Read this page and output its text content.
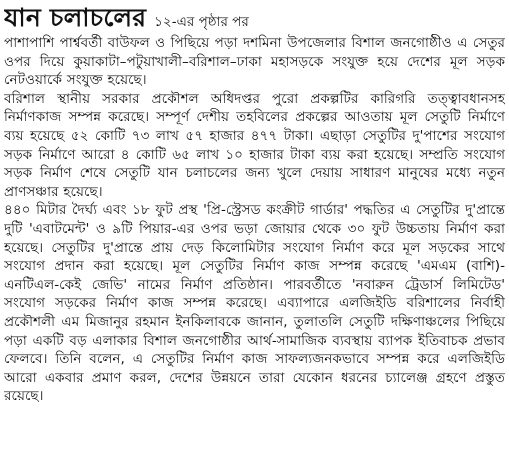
যান চলাচলের ১২-এর পৃষ্ঠার পর

পাশাপাশি পার্শ্ববর্তী বাউফল ও পিছিয়ে পড়া দশমিনা উপজেলার বিশাল জনগোষ্ঠীও এ সেতুর ওপর দিয়ে কুয়াকাটা–পটুয়াখালী–বরিশাল–ঢাকা মহাসড়কে সংযুক্ত হয়ে দেশের মূল সড়ক নেটওয়ার্কে সংযুক্ত হয়েছে।

বরিশাল স্থানীয় সরকার প্রকৌশল অধিদপ্তর পুরো প্রকল্পটির কারিগরি তত্ত্বাবধানসহ নির্মাণকাজ সম্পন্ন করেছে। সম্পূর্ণ দেশীয় তহবিলের প্রকল্পের আওতায় মূল সেতুটি নির্মাণে ব্যয় হয়েছে ৫২ কোটি ৭৩ লাখ ৫৭ হাজার ৪৭৭ টাকা। এছাড়া সেতুটির দু'পাশের সংযোগ সড়ক নির্মাণে আরো ৪ কোটি ৬৫ লাখ ১০ হাজার টাকা ব্যয় করা হয়েছে। সম্প্রতি সংযোগ সড়ক নির্মাণ শেষে সেতুটি যান চলাচলের জন্য খুলে দেয়ায় সাধারণ মানুষের মধ্যে নতুন প্রাণসঞ্চার হয়েছে।

৪৪০ মিটার দৈর্ঘ্য এবং ১৮ ফুট প্রস্থ 'প্রি-স্ট্রেসড কংক্রীট গার্ডার' পদ্ধতির এ সেতুটির দু'প্রান্তে দুটি 'এবাটমেন্ট' ও ৯টি পিয়ার-এর ওপর ভড়া জোয়ার থেকে ৩০ ফুট উচ্চতায় নির্মাণ করা হয়েছে। সেতুটির দু'প্রান্তে প্রায় দেড় কিলোমিটার সংযোগ নির্মাণ করে মূল সড়কের সাথে সংযোগ প্রদান করা হয়েছে। মূল সেতুটির নির্মাণ কাজ সম্পন্ন করেছে 'এমএম (বাশি)-এনটিএল-কেই জেভি' নামের নির্মাণ প্রতিষ্ঠান। পারবর্তীতে 'নবারুন ট্রেডার্স লিমিটেড' সংযোগ সড়কের নির্মাণ কাজ সম্পন্ন করেছে। এব্যাপারে এলজিইডি বরিশালের নির্বাহী প্রকৌশলী এম মিজানুর রহমান ইনকিলাবকে জানান, তুলাতলি সেতুটি দক্ষিণাঞ্চলের পিছিয়ে পড়া একটি বড় এলাকার বিশাল জনগোষ্ঠীর আর্থ-সামাজিক ব্যবস্থায় ব্যাপক ইতিবাচক প্রভাব ফেলবে। তিনি বলেন, এ সেতুটির নির্মাণ কাজ সাফল্যজনকভাবে সম্পন্ন করে এলজিইডি আরো একবার প্রমাণ করল, দেশের উন্নয়নে তারা যেকোন ধরনের চ্যালেঞ্জ গ্রহণে প্রস্তুত রয়েছে।
